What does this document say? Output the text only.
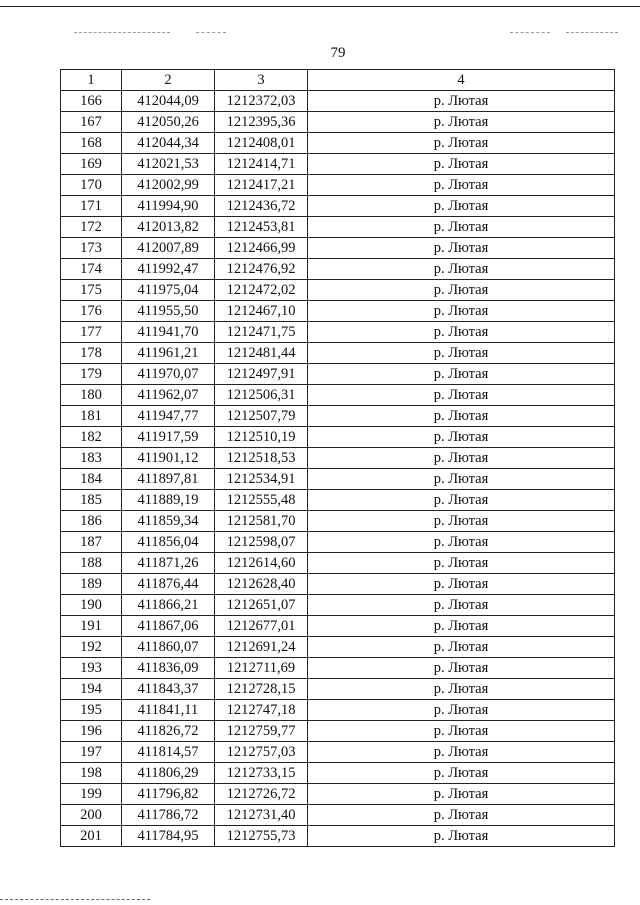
79
1	2	3	4
166	412044,09	1212372,03	р. Лютая
167	412050,26	1212395,36	р. Лютая
168	412044,34	1212408,01	р. Лютая
169	412021,53	1212414,71	р. Лютая
170	412002,99	1212417,21	р. Лютая
171	411994,90	1212436,72	р. Лютая
172	412013,82	1212453,81	р. Лютая
173	412007,89	1212466,99	р. Лютая
174	411992,47	1212476,92	р. Лютая
175	411975,04	1212472,02	р. Лютая
176	411955,50	1212467,10	р. Лютая
177	411941,70	1212471,75	р. Лютая
178	411961,21	1212481,44	р. Лютая
179	411970,07	1212497,91	р. Лютая
180	411962,07	1212506,31	р. Лютая
181	411947,77	1212507,79	р. Лютая
182	411917,59	1212510,19	р. Лютая
183	411901,12	1212518,53	р. Лютая
184	411897,81	1212534,91	р. Лютая
185	411889,19	1212555,48	р. Лютая
186	411859,34	1212581,70	р. Лютая
187	411856,04	1212598,07	р. Лютая
188	411871,26	1212614,60	р. Лютая
189	411876,44	1212628,40	р. Лютая
190	411866,21	1212651,07	р. Лютая
191	411867,06	1212677,01	р. Лютая
192	411860,07	1212691,24	р. Лютая
193	411836,09	1212711,69	р. Лютая
194	411843,37	1212728,15	р. Лютая
195	411841,11	1212747,18	р. Лютая
196	411826,72	1212759,77	р. Лютая
197	411814,57	1212757,03	р. Лютая
198	411806,29	1212733,15	р. Лютая
199	411796,82	1212726,72	р. Лютая
200	411786,72	1212731,40	р. Лютая
201	411784,95	1212755,73	р. Лютая
